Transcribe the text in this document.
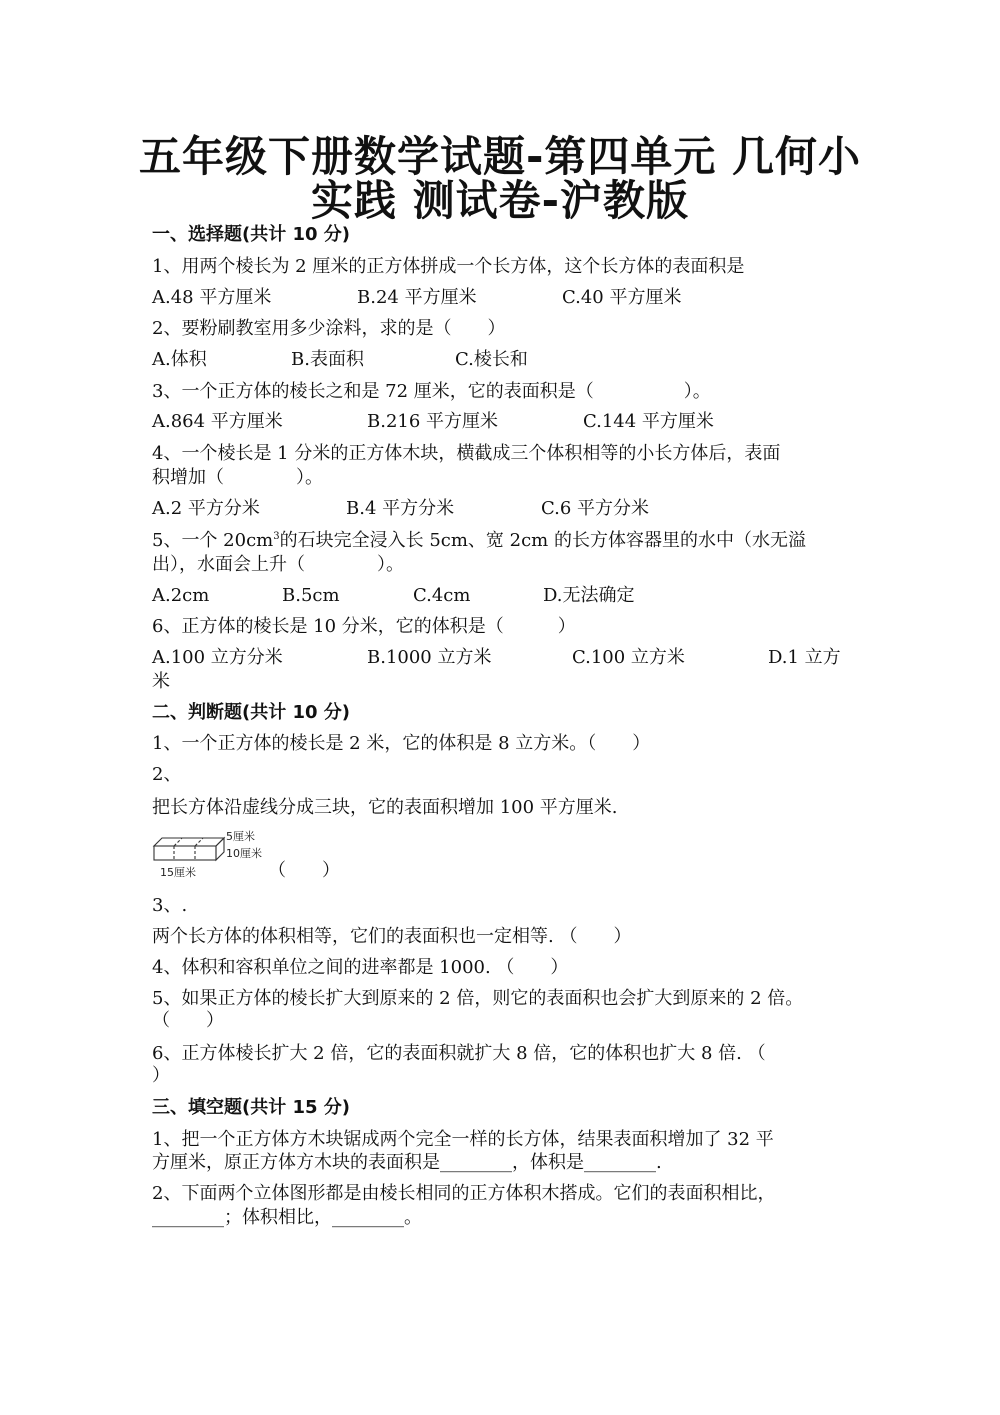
五年级下册数学试题-第四单元 几何小
实践 测试卷-沪教版
一、选择题(共计 10 分)
1、用两个棱长为 2 厘米的正方体拼成一个长方体，这个长方体的表面积是
A.48 平方厘米	B.24 平方厘米	C.40 平方厘米
2、要粉刷教室用多少涂料，求的是（　　）
A.体积	B.表面积	C.棱长和
3、一个正方体的棱长之和是 72 厘米，它的表面积是（　　　　　）。
A.864 平方厘米	B.216 平方厘米	C.144 平方厘米
4、一个棱长是 1 分米的正方体木块，横截成三个体积相等的小长方体后，表面
积增加（　　　　）。
A.2 平方分米	B.4 平方分米	C.6 平方分米
5、一个 $20cm^3$的石块完全浸入长 5cm、宽 2cm 的长方体容器里的水中（水无溢
出），水面会上升（　　　　）。
A.2cm	B.5cm	C.4cm	D.无法确定
6、正方体的棱长是 10 分米，它的体积是（　　　）
A.100 立方分米	B.1000 立方米	C.100 立方米	D.1 立方
米
二、判断题(共计 10 分)
1、一个正方体的棱长是 2 米，它的体积是 8 立方米。（　　）
2、
把长方体沿虚线分成三块，它的表面积增加 100 平方厘米.
5厘米
10厘米
15厘米	（　　）
3、.
两个长方体的体积相等，它们的表面积也一定相等. （　　）
4、体积和容积单位之间的进率都是 1000. （　　）
5、如果正方体的棱长扩大到原来的 2 倍，则它的表面积也会扩大到原来的 2 倍。
（　　）
6、正方体棱长扩大 2 倍，它的表面积就扩大 8 倍，它的体积也扩大 8 倍. （
）
三、填空题(共计 15 分)
1、把一个正方体方木块锯成两个完全一样的长方体，结果表面积增加了 32 平
方厘米，原正方体方木块的表面积是________，体积是________.
2、下面两个立体图形都是由棱长相同的正方体积木搭成。它们的表面积相比，
________；体积相比，________。
